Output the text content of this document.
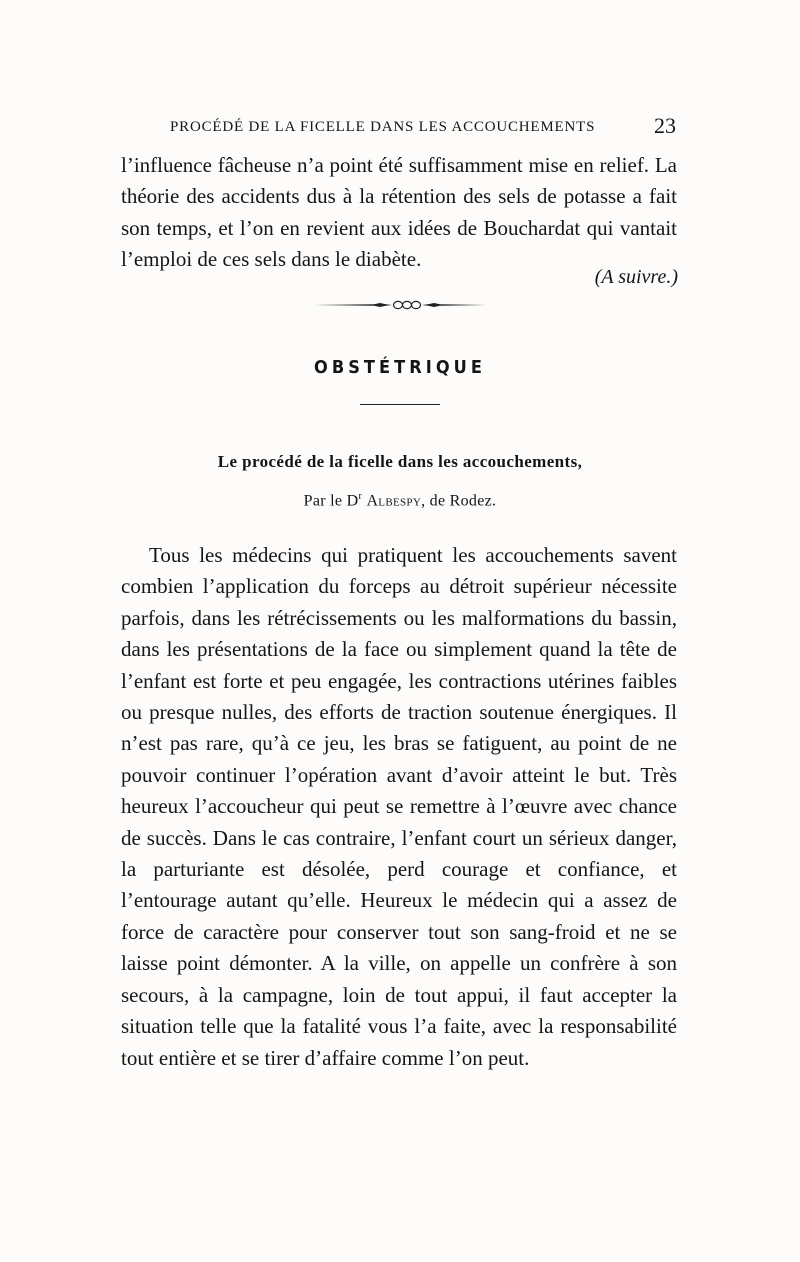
PROCÉDÉ DE LA FICELLE DANS LES ACCOUCHEMENTS	23

l’influence fâcheuse n’a point été suffisamment mise en relief. La théorie des accidents dus à la rétention des sels de potasse a fait son temps, et l’on en revient aux idées de Bouchardat qui vantait l’emploi de ces sels dans le diabète.

(A suivre.)
OBSTÉTRIQUE
Le procédé de la ficelle dans les accouchements,
Par le $D^r$ Albespy, de Rodez.

Tous les médecins qui pratiquent les accouchements savent combien l’application du forceps au détroit supérieur nécessite parfois, dans les rétrécissements ou les malformations du bassin, dans les présentations de la face ou simplement quand la tête de l’enfant est forte et peu engagée, les contractions utérines faibles ou presque nulles, des efforts de traction soutenue énergiques. Il n’est pas rare, qu’à ce jeu, les bras se fatiguent, au point de ne pouvoir continuer l’opération avant d’avoir atteint le but. Très heureux l’accoucheur qui peut se remettre à l’œuvre avec chance de succès. Dans le cas contraire, l’enfant court un sérieux danger, la parturiante est désolée, perd courage et confiance, et l’entourage autant qu’elle. Heureux le médecin qui a assez de force de caractère pour conserver tout son sang-froid et ne se laisse point démonter. A la ville, on appelle un confrère à son secours, à la campagne, loin de tout appui, il faut accepter la situation telle que la fatalité vous l’a faite, avec la responsabilité tout entière et se tirer d’affaire comme l’on peut.
